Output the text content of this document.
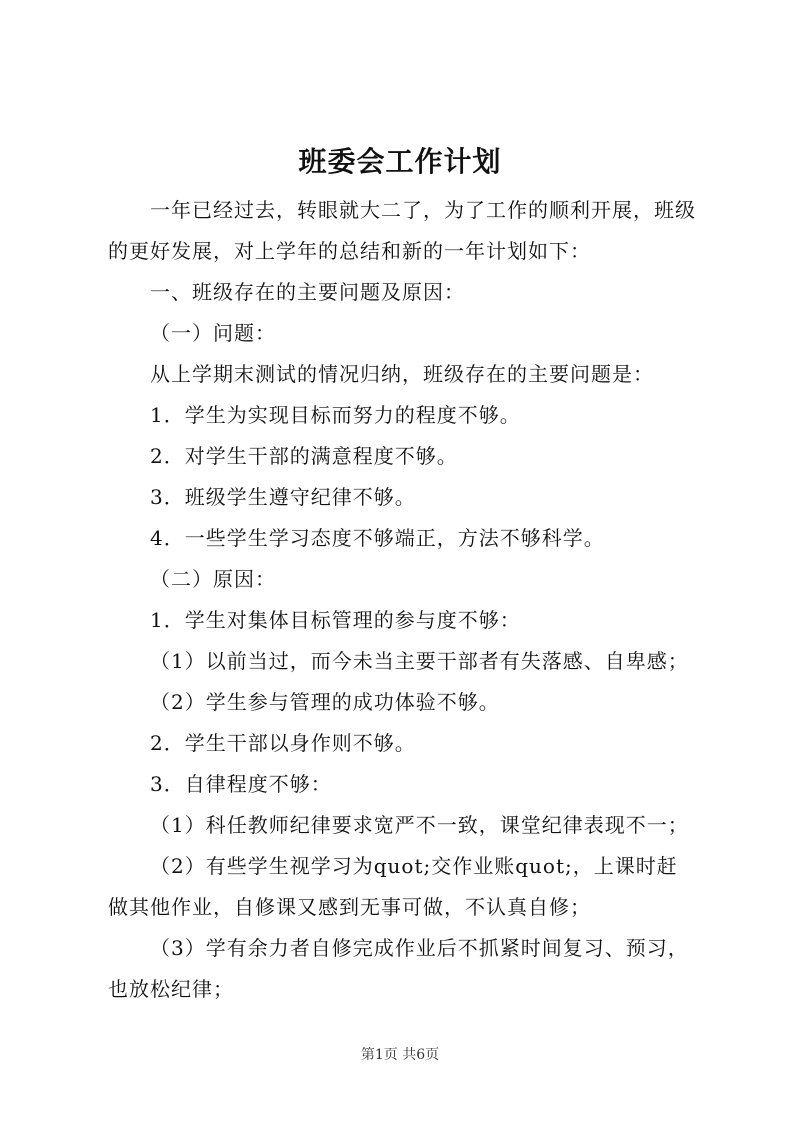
班委会工作计划
一年已经过去，转眼就大二了，为了工作的顺利开展，班级
的更好发展，对上学年的总结和新的一年计划如下：
一、班级存在的主要问题及原因：
（一）问题：
从上学期末测试的情况归纳，班级存在的主要问题是：
1．学生为实现目标而努力的程度不够。
2．对学生干部的满意程度不够。
3．班级学生遵守纪律不够。
4．一些学生学习态度不够端正，方法不够科学。
（二）原因：
1．学生对集体目标管理的参与度不够：
（1）以前当过，而今未当主要干部者有失落感、自卑感；
（2）学生参与管理的成功体验不够。
2．学生干部以身作则不够。
3．自律程度不够：
（1）科任教师纪律要求宽严不一致，课堂纪律表现不一；
（2）有些学生视学习为quot;交作业账quot;，上课时赶
做其他作业，自修课又感到无事可做，不认真自修；
（3）学有余力者自修完成作业后不抓紧时间复习、预习，
也放松纪律；
第1页 共6页
